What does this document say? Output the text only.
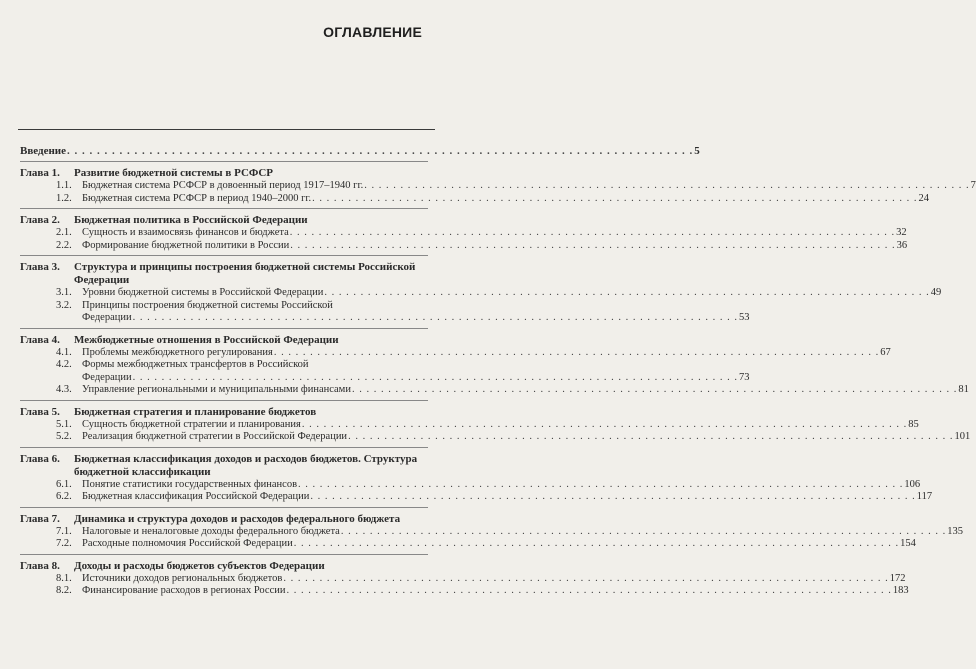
ОГЛАВЛЕНИЕ
Введение . . .	5
Глава 1.	Развитие бюджетной системы в РСФСР
1.1. Бюджетная система РСФСР в довоенный период 1917–1940 гг. . . .	7
1.2. Бюджетная система РСФСР в период 1940–2000 гг. . . .	24
Глава 2.	Бюджетная политика в Российской Федерации
2.1. Сущность и взаимосвязь финансов и бюджета . . .	32
2.2. Формирование бюджетной политики в России . . .	36
Глава 3.	Структура и принципы построения бюджетной системы Российской Федерации
3.1. Уровни бюджетной системы в Российской Федерации . . .	49
3.2. Принципы построения бюджетной системы Российской
Федерации . . .	53
Глава 4.	Межбюджетные отношения в Российской Федерации
4.1. Проблемы межбюджетного регулирования . . .	67
4.2. Формы межбюджетных трансфертов в Российской
Федерации . . .	73
4.3. Управление региональными и муниципальными финансами . . .	81
Глава 5.	Бюджетная стратегия и планирование бюджетов
5.1. Сущность бюджетной стратегии и планирования . . .	85
5.2. Реализация бюджетной стратегии в Российской Федерации . . .	101
Глава 6.	Бюджетная классификация доходов и расходов бюджетов. Структура бюджетной классификации
6.1. Понятие статистики государственных финансов . . .	106
6.2. Бюджетная классификация Российской Федерации . . .	117
Глава 7.	Динамика и структура доходов и расходов федерального бюджета
7.1. Налоговые и неналоговые доходы федерального бюджета . . .	135
7.2. Расходные полномочия Российской Федерации . . .	154
Глава 8.	Доходы и расходы бюджетов субъектов Федерации
8.1. Источники доходов региональных бюджетов . . .	172
8.2. Финансирование расходов в регионах России . . .	183
